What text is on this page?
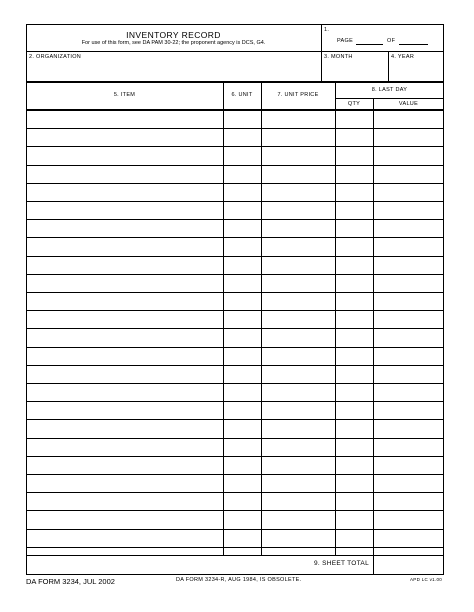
INVENTORY RECORD
For use of this form, see DA PAM 30-22; the proponent agency is DCS, G4.
1.
PAGE	OF
2. ORGANIZATION	3. MONTH	4. YEAR
5. ITEM	6. UNIT	7. UNIT PRICE
8. LAST DAY
QTY	VALUE
9. SHEET TOTAL
DA FORM 3234, JUL 2002	DA FORM 3234-R, AUG 1984, IS OBSOLETE.	APD LC v1.00
